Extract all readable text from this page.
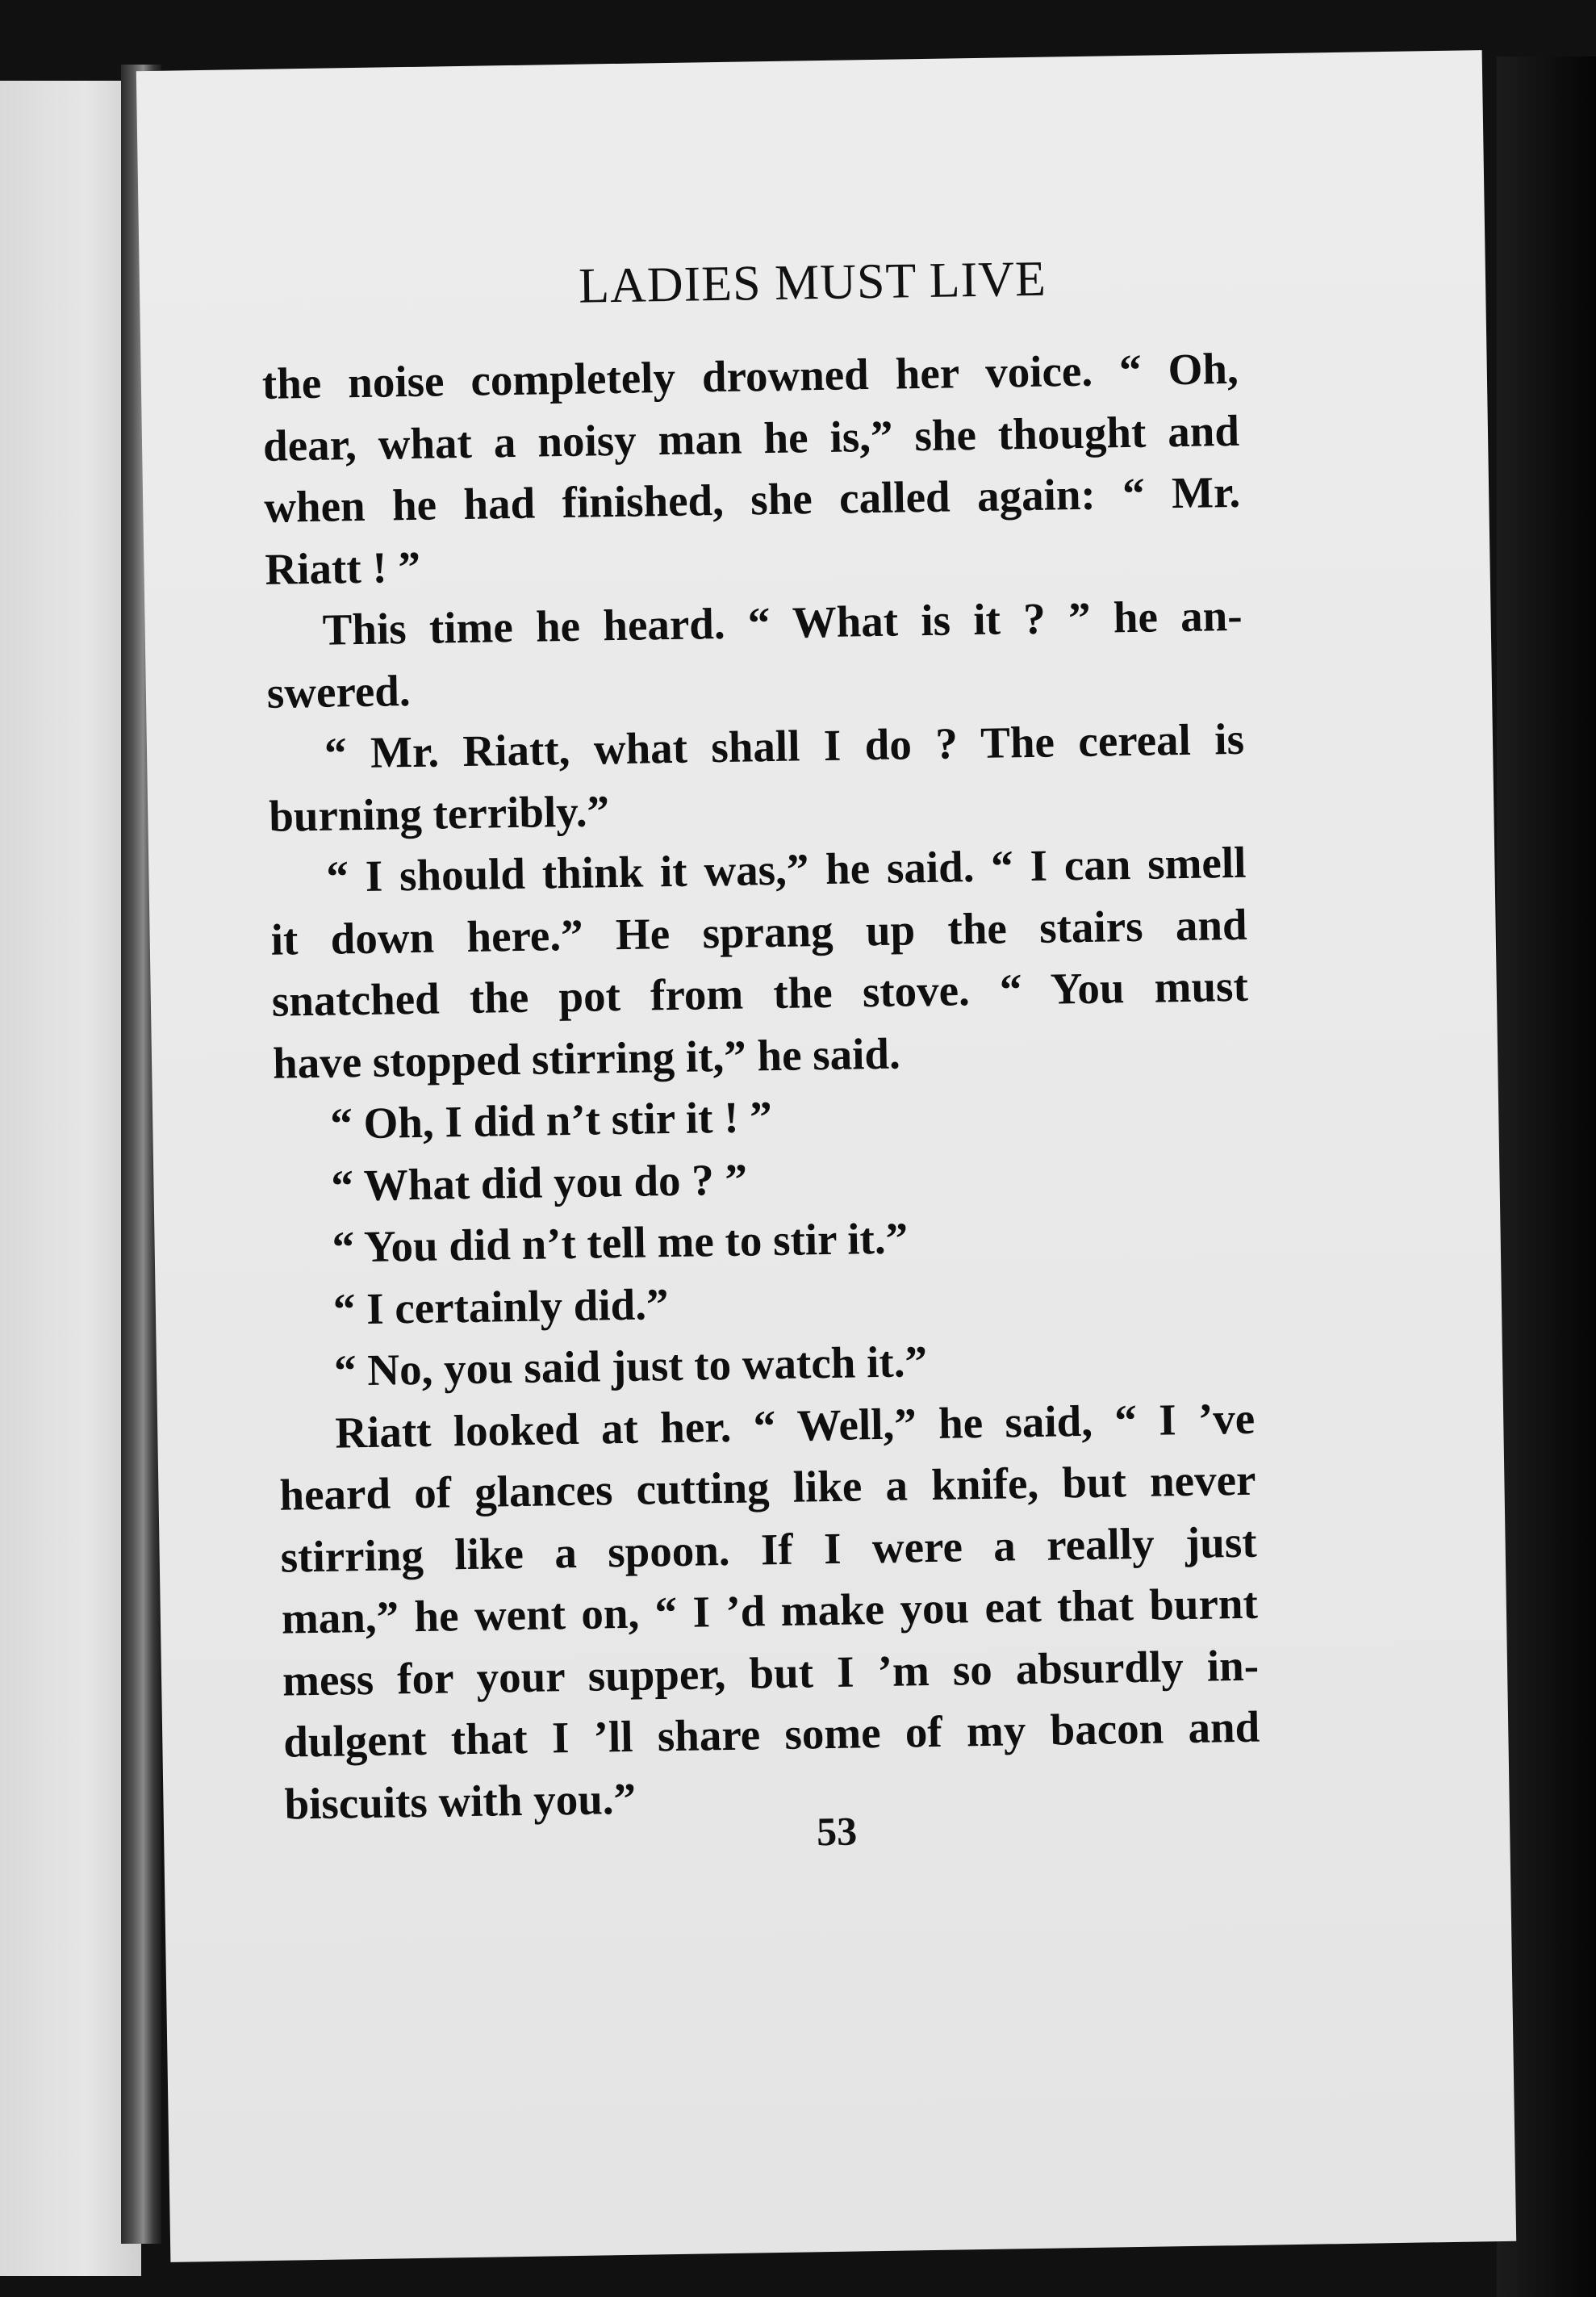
LADIES MUST LIVE
the noise completely drowned her voice. “ Oh,
dear, what a noisy man he is,” she thought and
when he had finished, she called again: “ Mr.
Riatt ! ”
This time he heard. “ What is it ? ” he an-
swered.
“ Mr. Riatt, what shall I do ? The cereal is
burning terribly.”
“ I should think it was,” he said. “ I can smell
it down here.” He sprang up the stairs and
snatched the pot from the stove. “ You must
have stopped stirring it,” he said.
“ Oh, I did n’t stir it ! ”
“ What did you do ? ”
“ You did n’t tell me to stir it.”
“ I certainly did.”
“ No, you said just to watch it.”
Riatt looked at her. “ Well,” he said, “ I ’ve
heard of glances cutting like a knife, but never
stirring like a spoon. If I were a really just
man,” he went on, “ I ’d make you eat that burnt
mess for your supper, but I ’m so absurdly in-
dulgent that I ’ll share some of my bacon and
biscuits with you.”
53
